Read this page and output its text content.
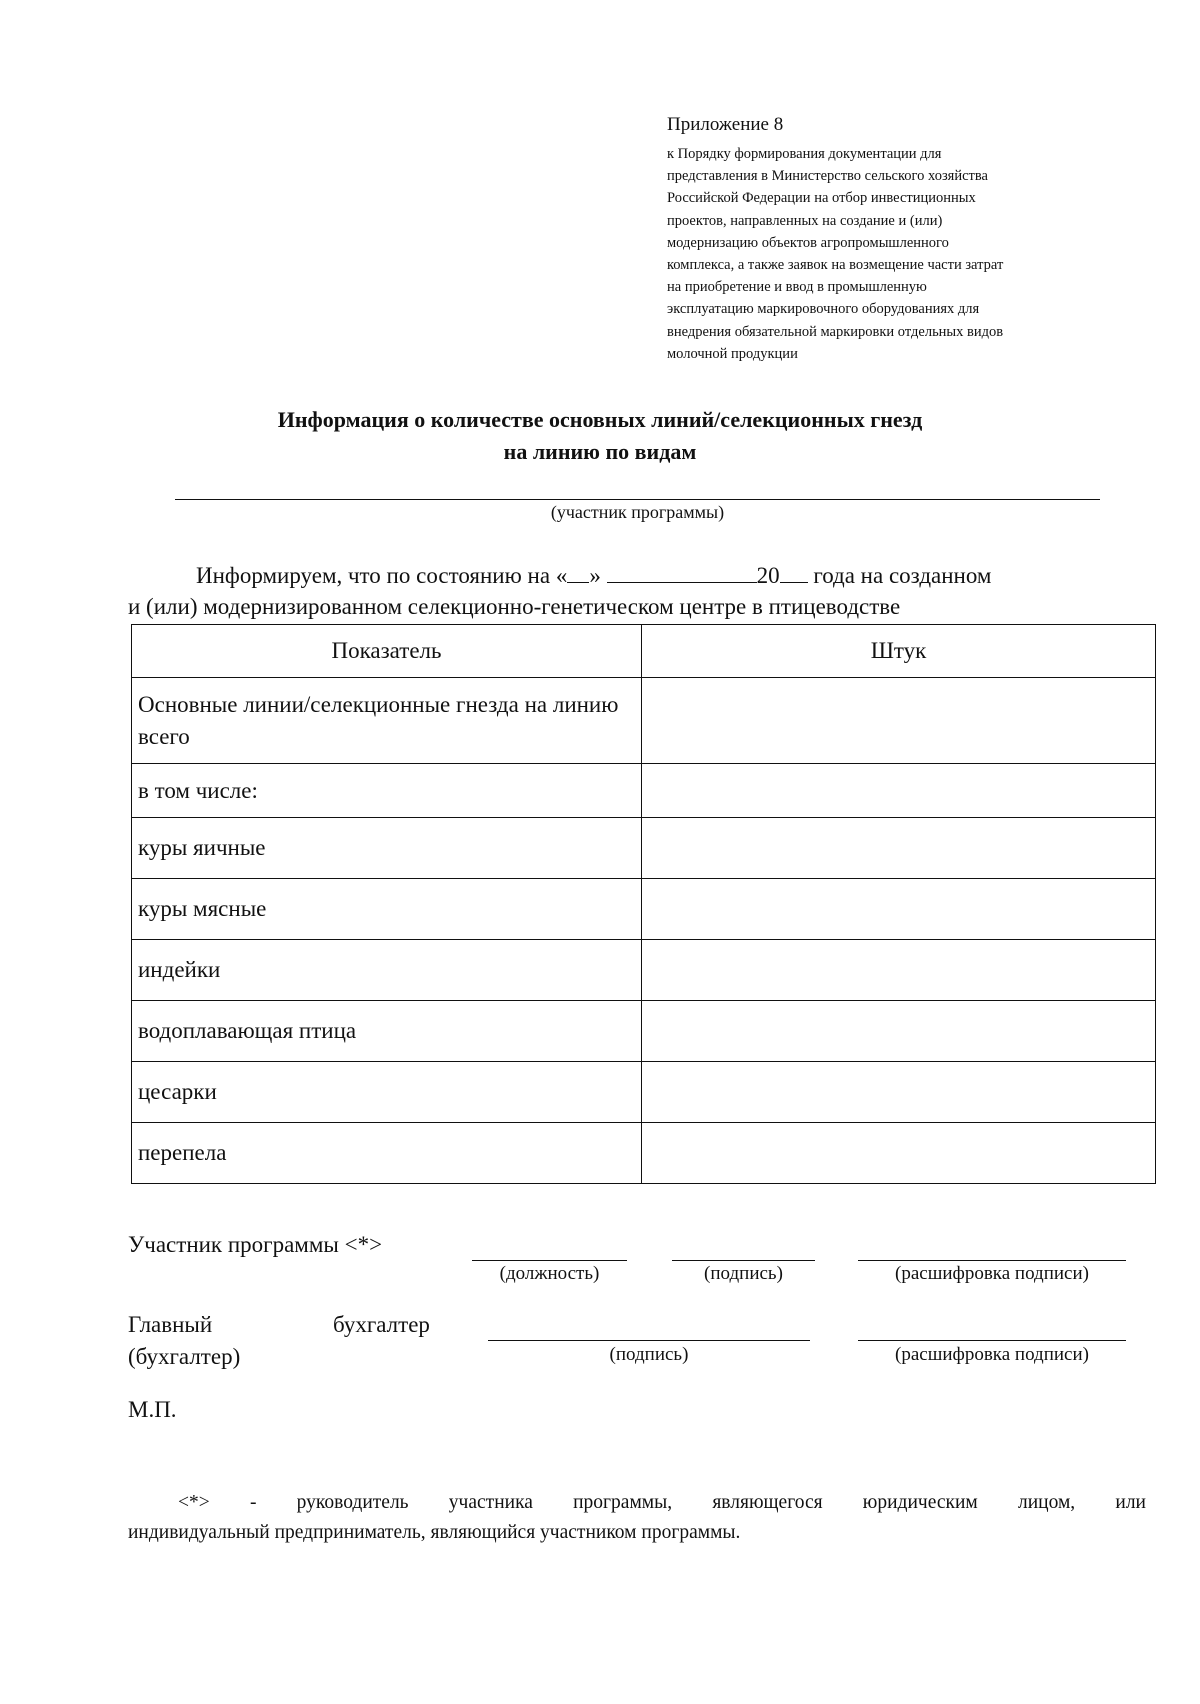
Приложение 8
к Порядку формирования документации для
представления в Министерство сельского хозяйства
Российской Федерации на отбор инвестиционных
проектов, направленных на создание и (или)
модернизацию объектов агропромышленного
комплекса, а также заявок на возмещение части затрат
на приобретение и ввод в промышленную
эксплуатацию маркировочного оборудованиях для
внедрения обязательной маркировки отдельных видов
молочной продукции
Информация о количестве основных линий/селекционных гнезд
на линию по видам
(участник программы)
Информируем, что по состоянию на « »	20 года на созданном
и (или) модернизированном селекционно-генетическом центре в птицеводстве
Показатель	Штук
Основные линии/селекционные гнезда на линию всего	
в том числе:	
куры яичные	
куры мясные	
индейки	
водоплавающая птица	
цесарки	
перепела	
Участник программы <*>
(должность)	(подпись)	(расшифровка подписи)
Главный	бухгалтер
(бухгалтер)	(подпись)	(расшифровка подписи)
М.П.
<*> - руководитель участника программы, являющегося юридическим лицом, или
индивидуальный предприниматель, являющийся участником программы.
